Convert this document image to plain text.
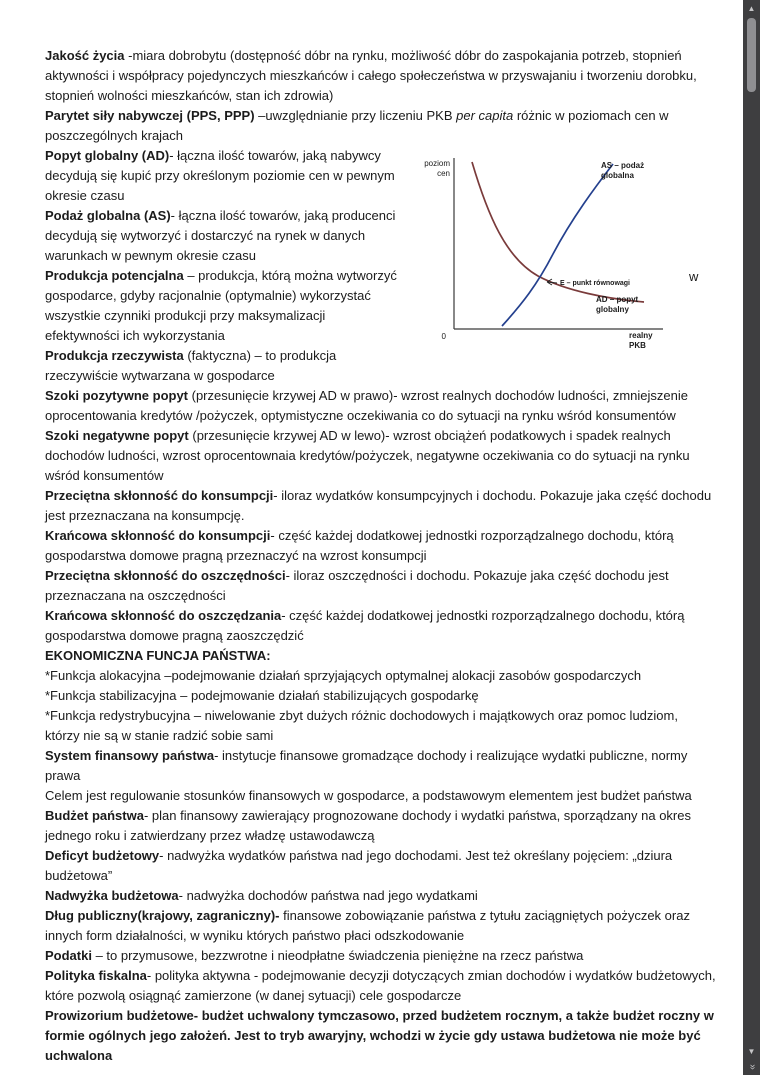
Jakość życia -miara dobrobytu (dostępność dóbr na rynku, możliwość dóbr do zaspokajania potrzeb, stopnień aktywności i współpracy pojedynczych mieszkańców i całego społeczeństwa w przyswajaniu i tworzeniu dorobku, stopnień wolności mieszkańców, stan ich zdrowia)

Parytet siły nabywczej (PPS, PPP) –uwzględnianie przy liczeniu PKB per capita różnic w poziomach cen w poszczególnych krajach

Popyt globalny (AD)- łączna ilość towarów, jaką nabywcy decydują się kupić przy określonym poziomie cen w pewnym okresie czasu

Podaż globalna (AS)- łączna ilość towarów, jaką producenci decydują się wytworzyć i dostarczyć na rynek w danych warunkach w pewnym okresie czasu

Produkcja potencjalna – produkcja, którą można wytworzyć	w
gospodarce, gdyby racjonalnie (optymalnie) wykorzystać wszystkie czynniki produkcji przy maksymalizacji efektywności ich wykorzystania

Produkcja rzeczywista (faktyczna) – to produkcja rzeczywiście wytwarzana w gospodarce

poziom
cen
0	realny
PKB
AS – podaż
globalna
AD – popyt
globalny
E – punkt równowagi

Szoki pozytywne popyt (przesunięcie krzywej AD w prawo)- wzrost realnych dochodów ludności, zmniejszenie oprocentowania kredytów /pożyczek, optymistyczne oczekiwania co do sytuacji na rynku wśród konsumentów

Szoki negatywne popyt (przesunięcie krzywej AD w lewo)- wzrost obciążeń podatkowych i spadek realnych dochodów ludności, wzrost oprocentownaia kredytów/pożyczek, negatywne oczekiwania co do sytuacji na rynku wśród konsumentów

Przeciętna skłonność do konsumpcji- iloraz wydatków konsumpcyjnych i dochodu. Pokazuje jaka część dochodu jest przeznaczana na konsumpcję.

Krańcowa skłonność do konsumpcji- część każdej dodatkowej jednostki rozporządzalnego dochodu, którą gospodarstwa domowe pragną przeznaczyć na wzrost konsumpcji

Przeciętna skłonność do oszczędności- iloraz oszczędności i dochodu. Pokazuje jaka część dochodu jest przeznaczana na oszczędności

Krańcowa skłonność do oszczędzania- część każdej dodatkowej jednostki rozporządzalnego dochodu, którą gospodarstwa domowe pragną zaoszczędzić

EKONOMICZNA FUNCJA PAŃSTWA:

*Funkcja alokacyjna –podejmowanie działań sprzyjających optymalnej alokacji zasobów gospodarczych

*Funkcja stabilizacyjna – podejmowanie działań stabilizujących gospodarkę

*Funkcja redystrybucyjna – niwelowanie zbyt dużych różnic dochodowych i majątkowych oraz pomoc ludziom, którzy nie są w stanie radzić sobie sami

System finansowy państwa- instytucje finansowe gromadzące dochody i realizujące wydatki publiczne, normy prawa

Celem jest regulowanie stosunków finansowych w gospodarce, a podstawowym elementem jest budżet państwa

Budżet państwa- plan finansowy zawierający prognozowane dochody i wydatki państwa, sporządzany na okres jednego roku i zatwierdzany przez władzę ustawodawczą

Deficyt budżetowy- nadwyżka wydatków państwa nad jego dochodami. Jest też określany pojęciem: „dziura budżetowa”

Nadwyżka budżetowa- nadwyżka dochodów państwa nad jego wydatkami

Dług publiczny(krajowy, zagraniczny)- finansowe zobowiązanie państwa z tytułu zaciągniętych pożyczek oraz innych form działalności, w wyniku których państwo płaci odszkodowanie

Podatki – to przymusowe, bezzwrotne i nieodpłatne świadczenia pieniężne na rzecz państwa

Polityka fiskalna- polityka aktywna - podejmowanie decyzji dotyczących zmian dochodów i wydatków budżetowych, które pozwolą osiągnąć zamierzone (w danej sytuacji) cele gospodarcze

Prowizorium budżetowe- budżet uchwalony tymczasowo, przed budżetem rocznym, a także budżet roczny w formie ogólnych jego założeń. Jest to tryb awaryjny, wchodzi w życie gdy ustawa budżetowa nie może być uchwalona

▲
▼
»
